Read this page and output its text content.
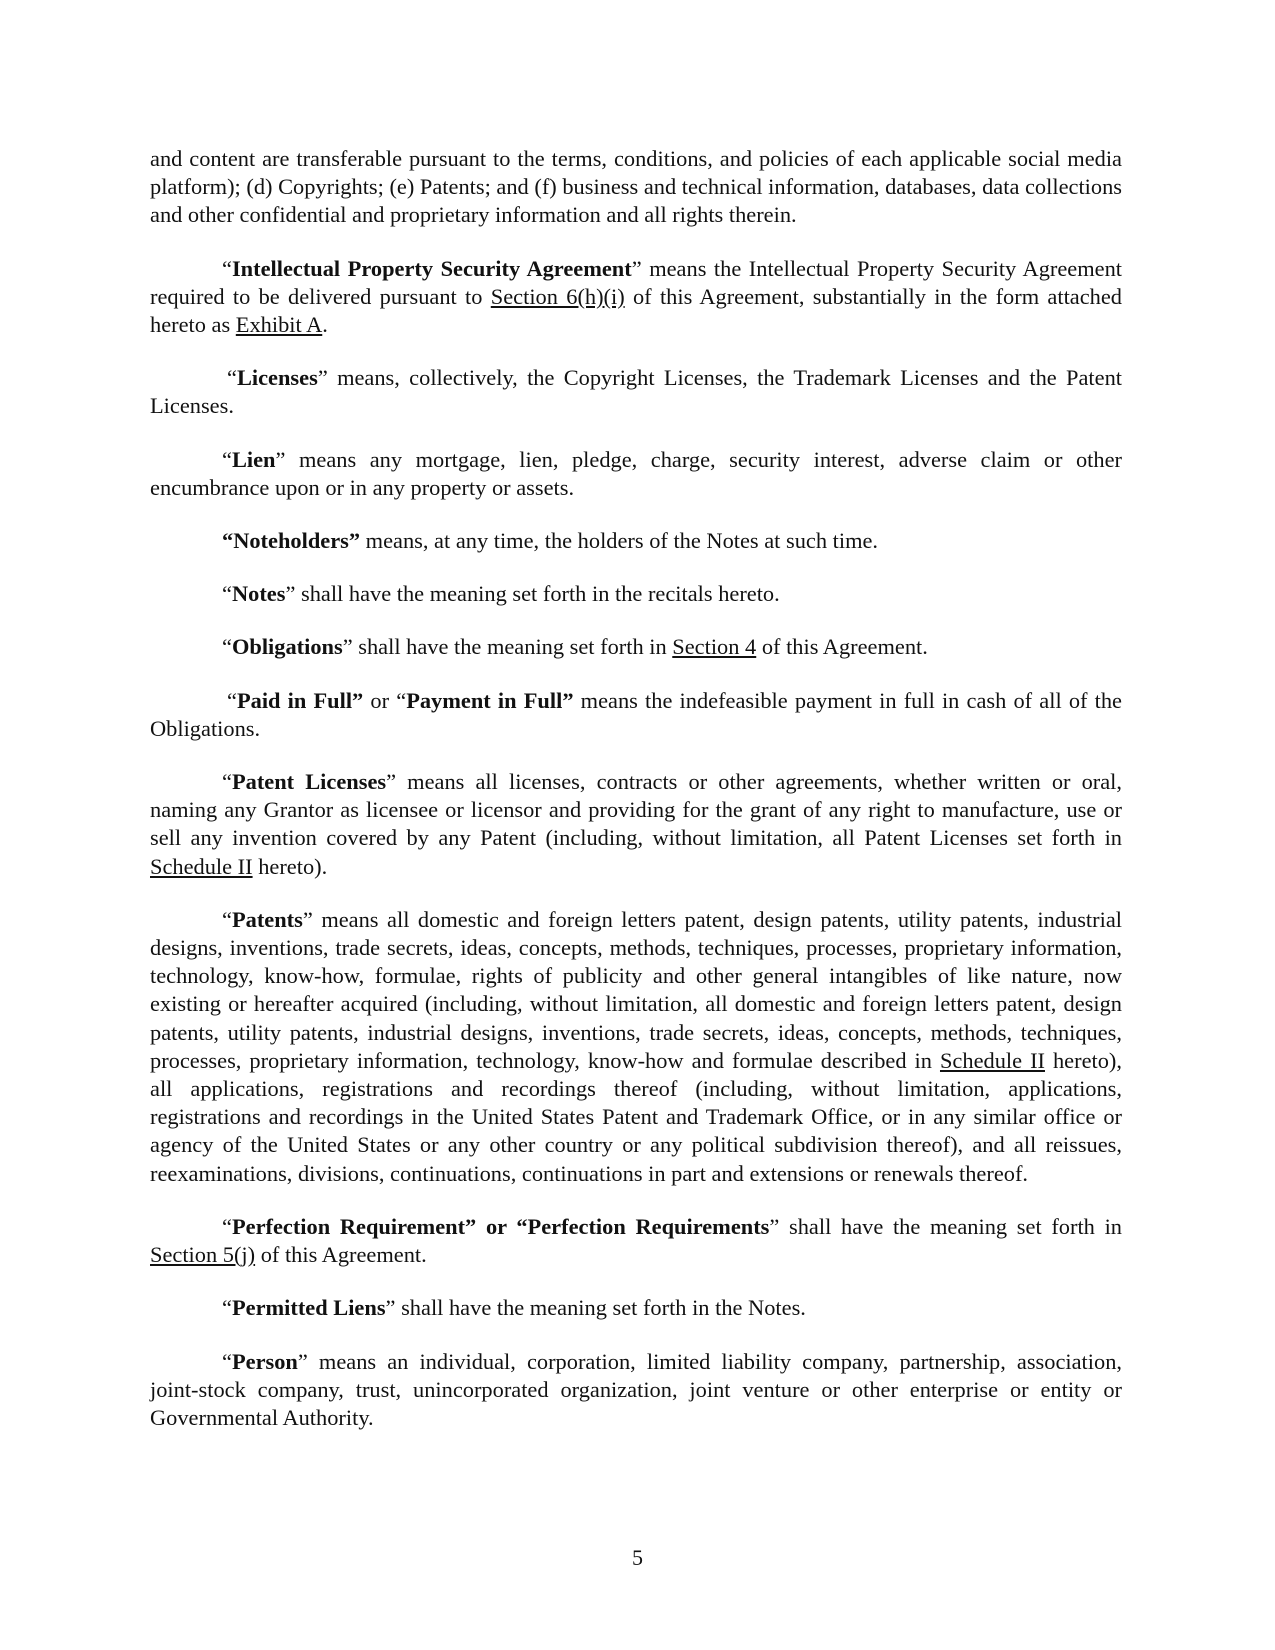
and content are transferable pursuant to the terms, conditions, and policies of each applicable social media platform); (d) Copyrights; (e) Patents; and (f) business and technical information, databases, data collections and other confidential and proprietary information and all rights therein.

“Intellectual Property Security Agreement” means the Intellectual Property Security Agreement required to be delivered pursuant to Section 6(h)(i) of this Agreement, substantially in the form attached hereto as Exhibit A.

“Licenses” means, collectively, the Copyright Licenses, the Trademark Licenses and the Patent Licenses.

“Lien” means any mortgage, lien, pledge, charge, security interest, adverse claim or other encumbrance upon or in any property or assets.

“Noteholders” means, at any time, the holders of the Notes at such time.

“Notes” shall have the meaning set forth in the recitals hereto.

“Obligations” shall have the meaning set forth in Section 4 of this Agreement.

“Paid in Full” or “Payment in Full” means the indefeasible payment in full in cash of all of the Obligations.

“Patent Licenses” means all licenses, contracts or other agreements, whether written or oral, naming any Grantor as licensee or licensor and providing for the grant of any right to manufacture, use or sell any invention covered by any Patent (including, without limitation, all Patent Licenses set forth in Schedule II hereto).

“Patents” means all domestic and foreign letters patent, design patents, utility patents, industrial designs, inventions, trade secrets, ideas, concepts, methods, techniques, processes, proprietary information, technology, know-how, formulae, rights of publicity and other general intangibles of like nature, now existing or hereafter acquired (including, without limitation, all domestic and foreign letters patent, design patents, utility patents, industrial designs, inventions, trade secrets, ideas, concepts, methods, techniques, processes, proprietary information, technology, know-how and formulae described in Schedule II hereto), all applications, registrations and recordings thereof (including, without limitation, applications, registrations and recordings in the United States Patent and Trademark Office, or in any similar office or agency of the United States or any other country or any political subdivision thereof), and all reissues, reexaminations, divisions, continuations, continuations in part and extensions or renewals thereof.

“Perfection Requirement” or “Perfection Requirements” shall have the meaning set forth in Section 5(j) of this Agreement.

“Permitted Liens” shall have the meaning set forth in the Notes.

“Person” means an individual, corporation, limited liability company, partnership, association, joint-stock company, trust, unincorporated organization, joint venture or other enterprise or entity or Governmental Authority.

5
